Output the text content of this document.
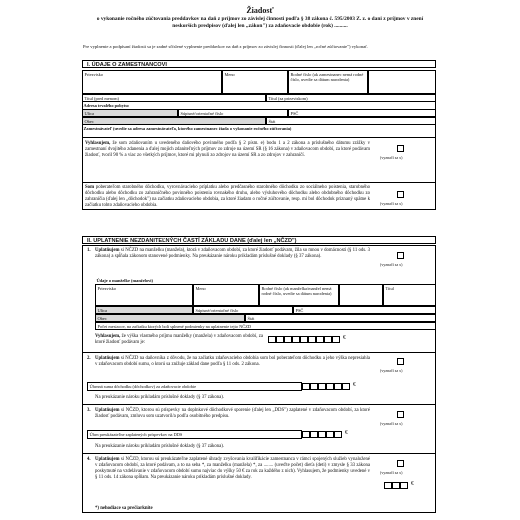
Žiadosť
o vykonanie ročného zúčtovania preddavkov na daň z príjmov zo závislej činnosti podľa § 38 zákona č. 595/2003 Z. z. o dani z príjmov v znení neskorších predpisov (ďalej len „zákon") za zdaňovacie obdobie (rok) ..........
Pre vyplnenie a podpísaní žiadosti sa je zadné sčíslené vyplnenie preddavkov na daň z príjmov zo závislej činnosti (ďalej len „ročné zúčtovanie") vykonať.
I. ÚDAJE O ZAMESTNANCOVI
Priezvisko	Meno	Rodné číslo (ak zamestnanec nemá rodné číslo, uvedie sa dátum narodenia)
Titul (pred menom)	Titul (za priezviskom)
Adresa trvalého pobytu:
Ulica	Súpisné/orientačné číslo	PSČ
Obec	Štát
Zamestnávateľ (uvedie sa adresa zamestnávateľa, ktorého zamestnanec žiada o vykonanie ročného zúčtovania)
Vyhlasujem, že som zdaňovaním u uvedeného daňového povinného podľa § 2 písm. e) bodu 1 a 2 zákona a príslušného dátumu zrážky v zamestnaní dvojitého zdanenia a ďalej mojich zdaniteľných príjmov zo zdroje na území SR (§ 16 zákona) v zdaňovacom období, za ktoré podávam žiadosť, tvoril 90 % a viac zo všetkých príjmov, ktoré mi plynuli zo zdrojov na území SR a zo zdrojov v zahraničí.	(vyznačí sa x)
Som poberateľom starobného dôchodku, vyrovnávacieho príplatku alebo predčasného starobného dôchodku zo sociálneho poistenia, starobného dôchodku alebo dôchodku zo zahraničného povinného poistenia rovnakého druhu, alebo výsluhového dôchodku alebo obdobného dôchodku zo zahraničia (ďalej len „dôchodok") na začiatku zdaňovacieho obdobia, za ktoré žiadam o ročné zúčtovanie, resp. mi bol dôchodok priznaný spätne k začiatku tohto zdaňovacieho obdobia.	(vyznačí sa x)
II. UPLATNENIE NEZDANITEĽNÝCH ČASTÍ ZÁKLADU DANE (ďalej len „NČZD")
1. Uplatňujem si NČZD na manželku (manžela), ktorá v zdaňovacom období, za ktoré žiadosť podávam, žila so mnou v domácnosti (§ 11 ods. 3 zákona) a spĺňala zákonom stanovené podmienky. Na preukázanie nároku prikladám príslušné doklady (§ 37 zákona).
(vyznačí sa x)
Údaje o manželke (manželovi)
Priezvisko	Meno	Rodné číslo (ak manželka/manžel nemá rodné číslo, uvedie sa dátum narodenia)
Titul
Ulica	Súpisné/orientačné číslo	PSČ
Obec	Štát
Počet mesiacov, na začiatku ktorých boli splnené podmienky na uplatnenie tejto NČZD
Vyhlasujem, že výška vlastného príjmu manželky (manžela) v zdaňovacom období, za ktoré žiadosť podávam je:
€
2. Uplatňujem si NČZD na daňovníka z dôvodu, že na začiatku zdaňovacieho obdobia som bol poberateľom dôchodku a jeho výška nepresiahla v zdaňovacom období sumu, o ktorú sa znižuje základ dane podľa § 11 ods. 2 zákona.
(vyznačí sa x)
Úhrnná suma dôchodku (dôchodkov) za zdaňovacie obdobie	€
Na preukázanie nároku prikladám príslušné doklady (§ 37 zákona).
3. Uplatňujem si NČZD, ktorou sú príspevky na doplnkové dôchodkové sporenie (ďalej len „DDS") zaplatené v zdaňovacom období, za ktoré žiadosť podávam, zmluvu som uzatvoril/a podľa osobitného predpisu.
(vyznačí sa x)
Úhrn preukázateľne zaplatených príspevkov na DDS	€
Na preukázanie nároku prikladám príslušné doklady (§ 37 zákona).
4. Uplatňujem si NČZD, ktorou sú preukázateľne zaplatené úhrady zvyšovania kvalifikácie zamestnanca v rámci spojených služieb vynaložené v zdaňovacom období, za ktoré podávam, a to na seba *, za manželku (manžela) *, za ........ (uveďte počet) dieťa (deti) v zmysle § 33 zákona poskytnuté na vzdelávanie v zdaňovacom období sumu najviac do výšky 50 € za rok za každého z nich). Vyhlasujem, že podmienky uvedené v § 11 ods. 14 zákona spĺňam. Na preukázanie nároku prikladám príslušné doklady.
(vyznačí sa x)
€
*) nehodiace sa prečiarknite
